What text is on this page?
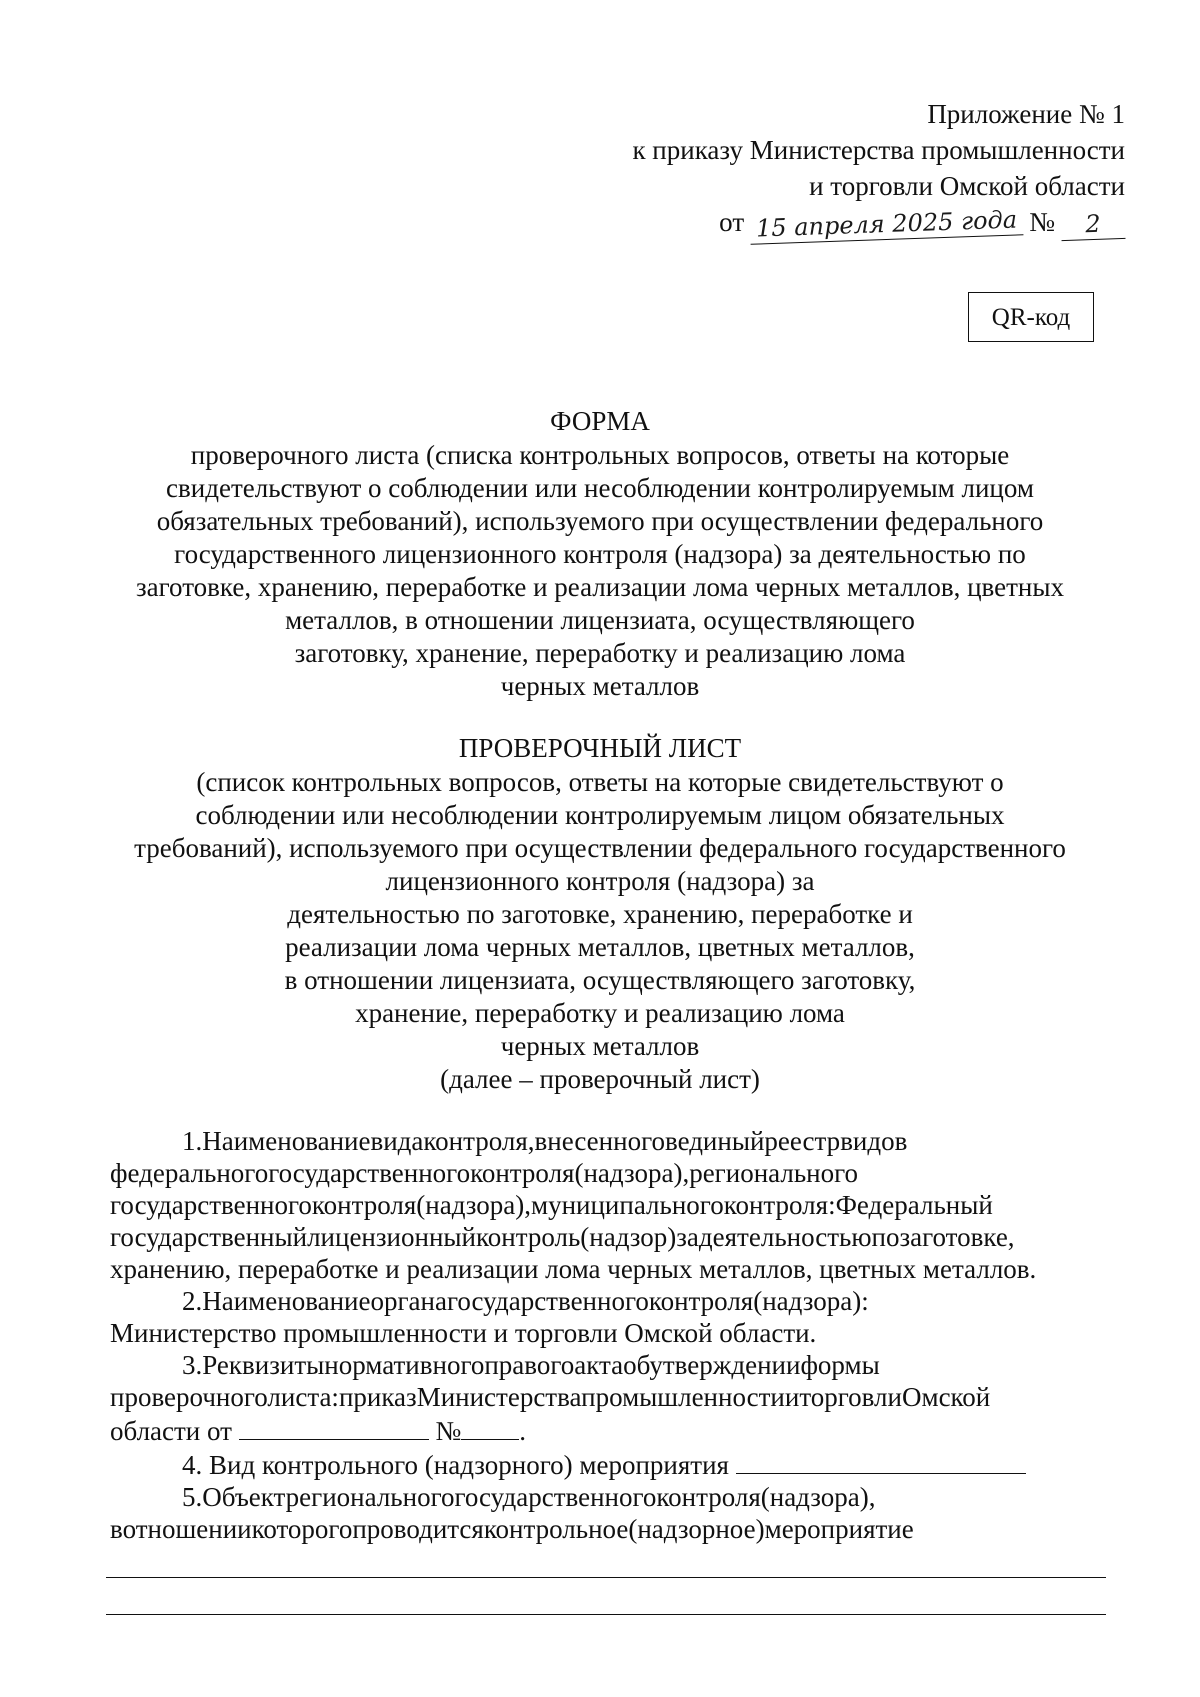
Приложение № 1
к приказу Министерства промышленности
и торговли Омской области
от 15 апреля 2025 года №	2
QR-код
ФОРМА
проверочного листа (списка контрольных вопросов, ответы на которые
свидетельствуют о соблюдении или несоблюдении контролируемым лицом
обязательных требований), используемого при осуществлении федерального
государственного лицензионного контроля (надзора) за деятельностью по
заготовке, хранению, переработке и реализации лома черных металлов, цветных
металлов, в отношении лицензиата, осуществляющего
заготовку, хранение, переработку и реализацию лома
черных металлов
ПРОВЕРОЧНЫЙ ЛИСТ
(список контрольных вопросов, ответы на которые свидетельствуют о
соблюдении или несоблюдении контролируемым лицом обязательных
требований), используемого при осуществлении федерального государственного
лицензионного контроля (надзора) за
деятельностью по заготовке, хранению, переработке и
реализации лома черных металлов, цветных металлов,
в отношении лицензиата, осуществляющего заготовку,
хранение, переработку и реализацию лома
черных металлов
(далее – проверочный лист)
1.Наименованиевидаконтроля,внесенноговединыйреестрвидов
федеральногогосударственногоконтроля(надзора),регионального
государственногоконтроля(надзора),муниципальногоконтроля:Федеральный
государственныйлицензионныйконтроль(надзор)задеятельностьюпозаготовке,
хранению, переработке и реализации лома черных металлов, цветных металлов.
2.Наименованиеорганагосударственногоконтроля(надзора):
Министерство промышленности и торговли Омской области.
3.Реквизитынормативногоправогоактаобутвержденииформы
проверочноголиста:приказМинистерствапромышленностииторговлиОмской
области от	№ .
4. Вид контрольного (надзорного) мероприятия
5.Объектрегиональногогосударственногоконтроля(надзора),
вотношениикоторогопроводитсяконтрольное(надзорное)мероприятие
